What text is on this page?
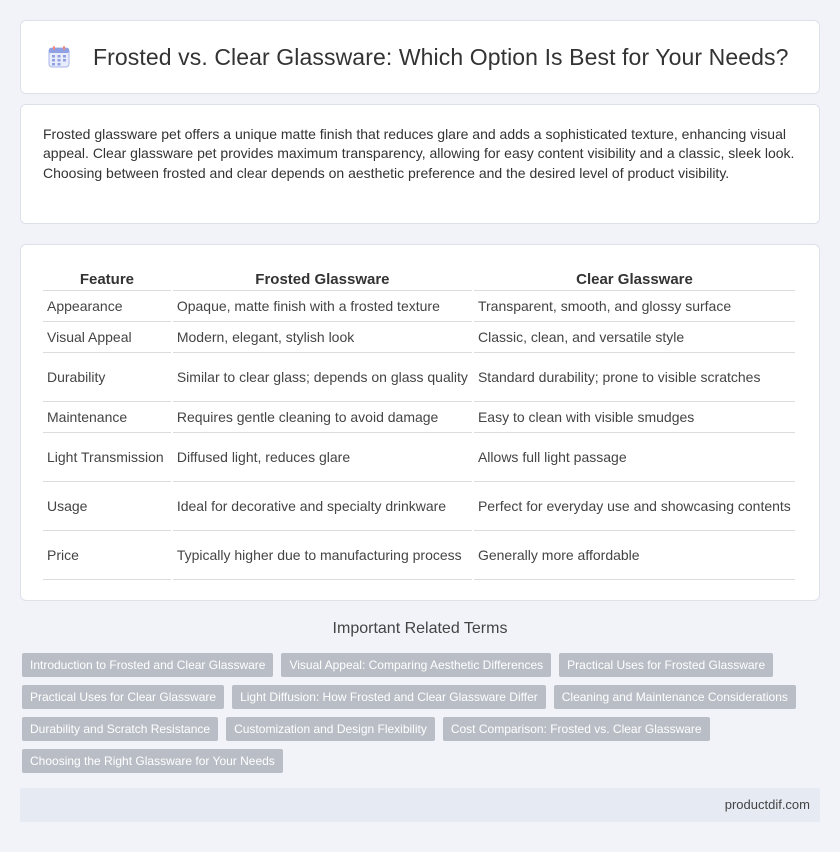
Frosted vs. Clear Glassware: Which Option Is Best for Your Needs?

Frosted glassware pet offers a unique matte finish that reduces glare and adds a sophisticated texture, enhancing visual appeal. Clear glassware pet provides maximum transparency, allowing for easy content visibility and a classic, sleek look. Choosing between frosted and clear depends on aesthetic preference and the desired level of product visibility.

Feature	Frosted Glassware	Clear Glassware
Appearance	Opaque, matte finish with a frosted texture	Transparent, smooth, and glossy surface
Visual Appeal	Modern, elegant, stylish look	Classic, clean, and versatile style
Durability	Similar to clear glass; depends on glass quality	Standard durability; prone to visible scratches
Maintenance	Requires gentle cleaning to avoid damage	Easy to clean with visible smudges
Light Transmission	Diffused light, reduces glare	Allows full light passage
Usage	Ideal for decorative and specialty drinkware	Perfect for everyday use and showcasing contents
Price	Typically higher due to manufacturing process	Generally more affordable
Important Related Terms
Introduction to Frosted and Clear Glassware	Visual Appeal: Comparing Aesthetic Differences	Practical Uses for Frosted Glassware
Practical Uses for Clear Glassware	Light Diffusion: How Frosted and Clear Glassware Differ	Cleaning and Maintenance Considerations
Durability and Scratch Resistance	Customization and Design Flexibility	Cost Comparison: Frosted vs. Clear Glassware
Choosing the Right Glassware for Your Needs
productdif.com
